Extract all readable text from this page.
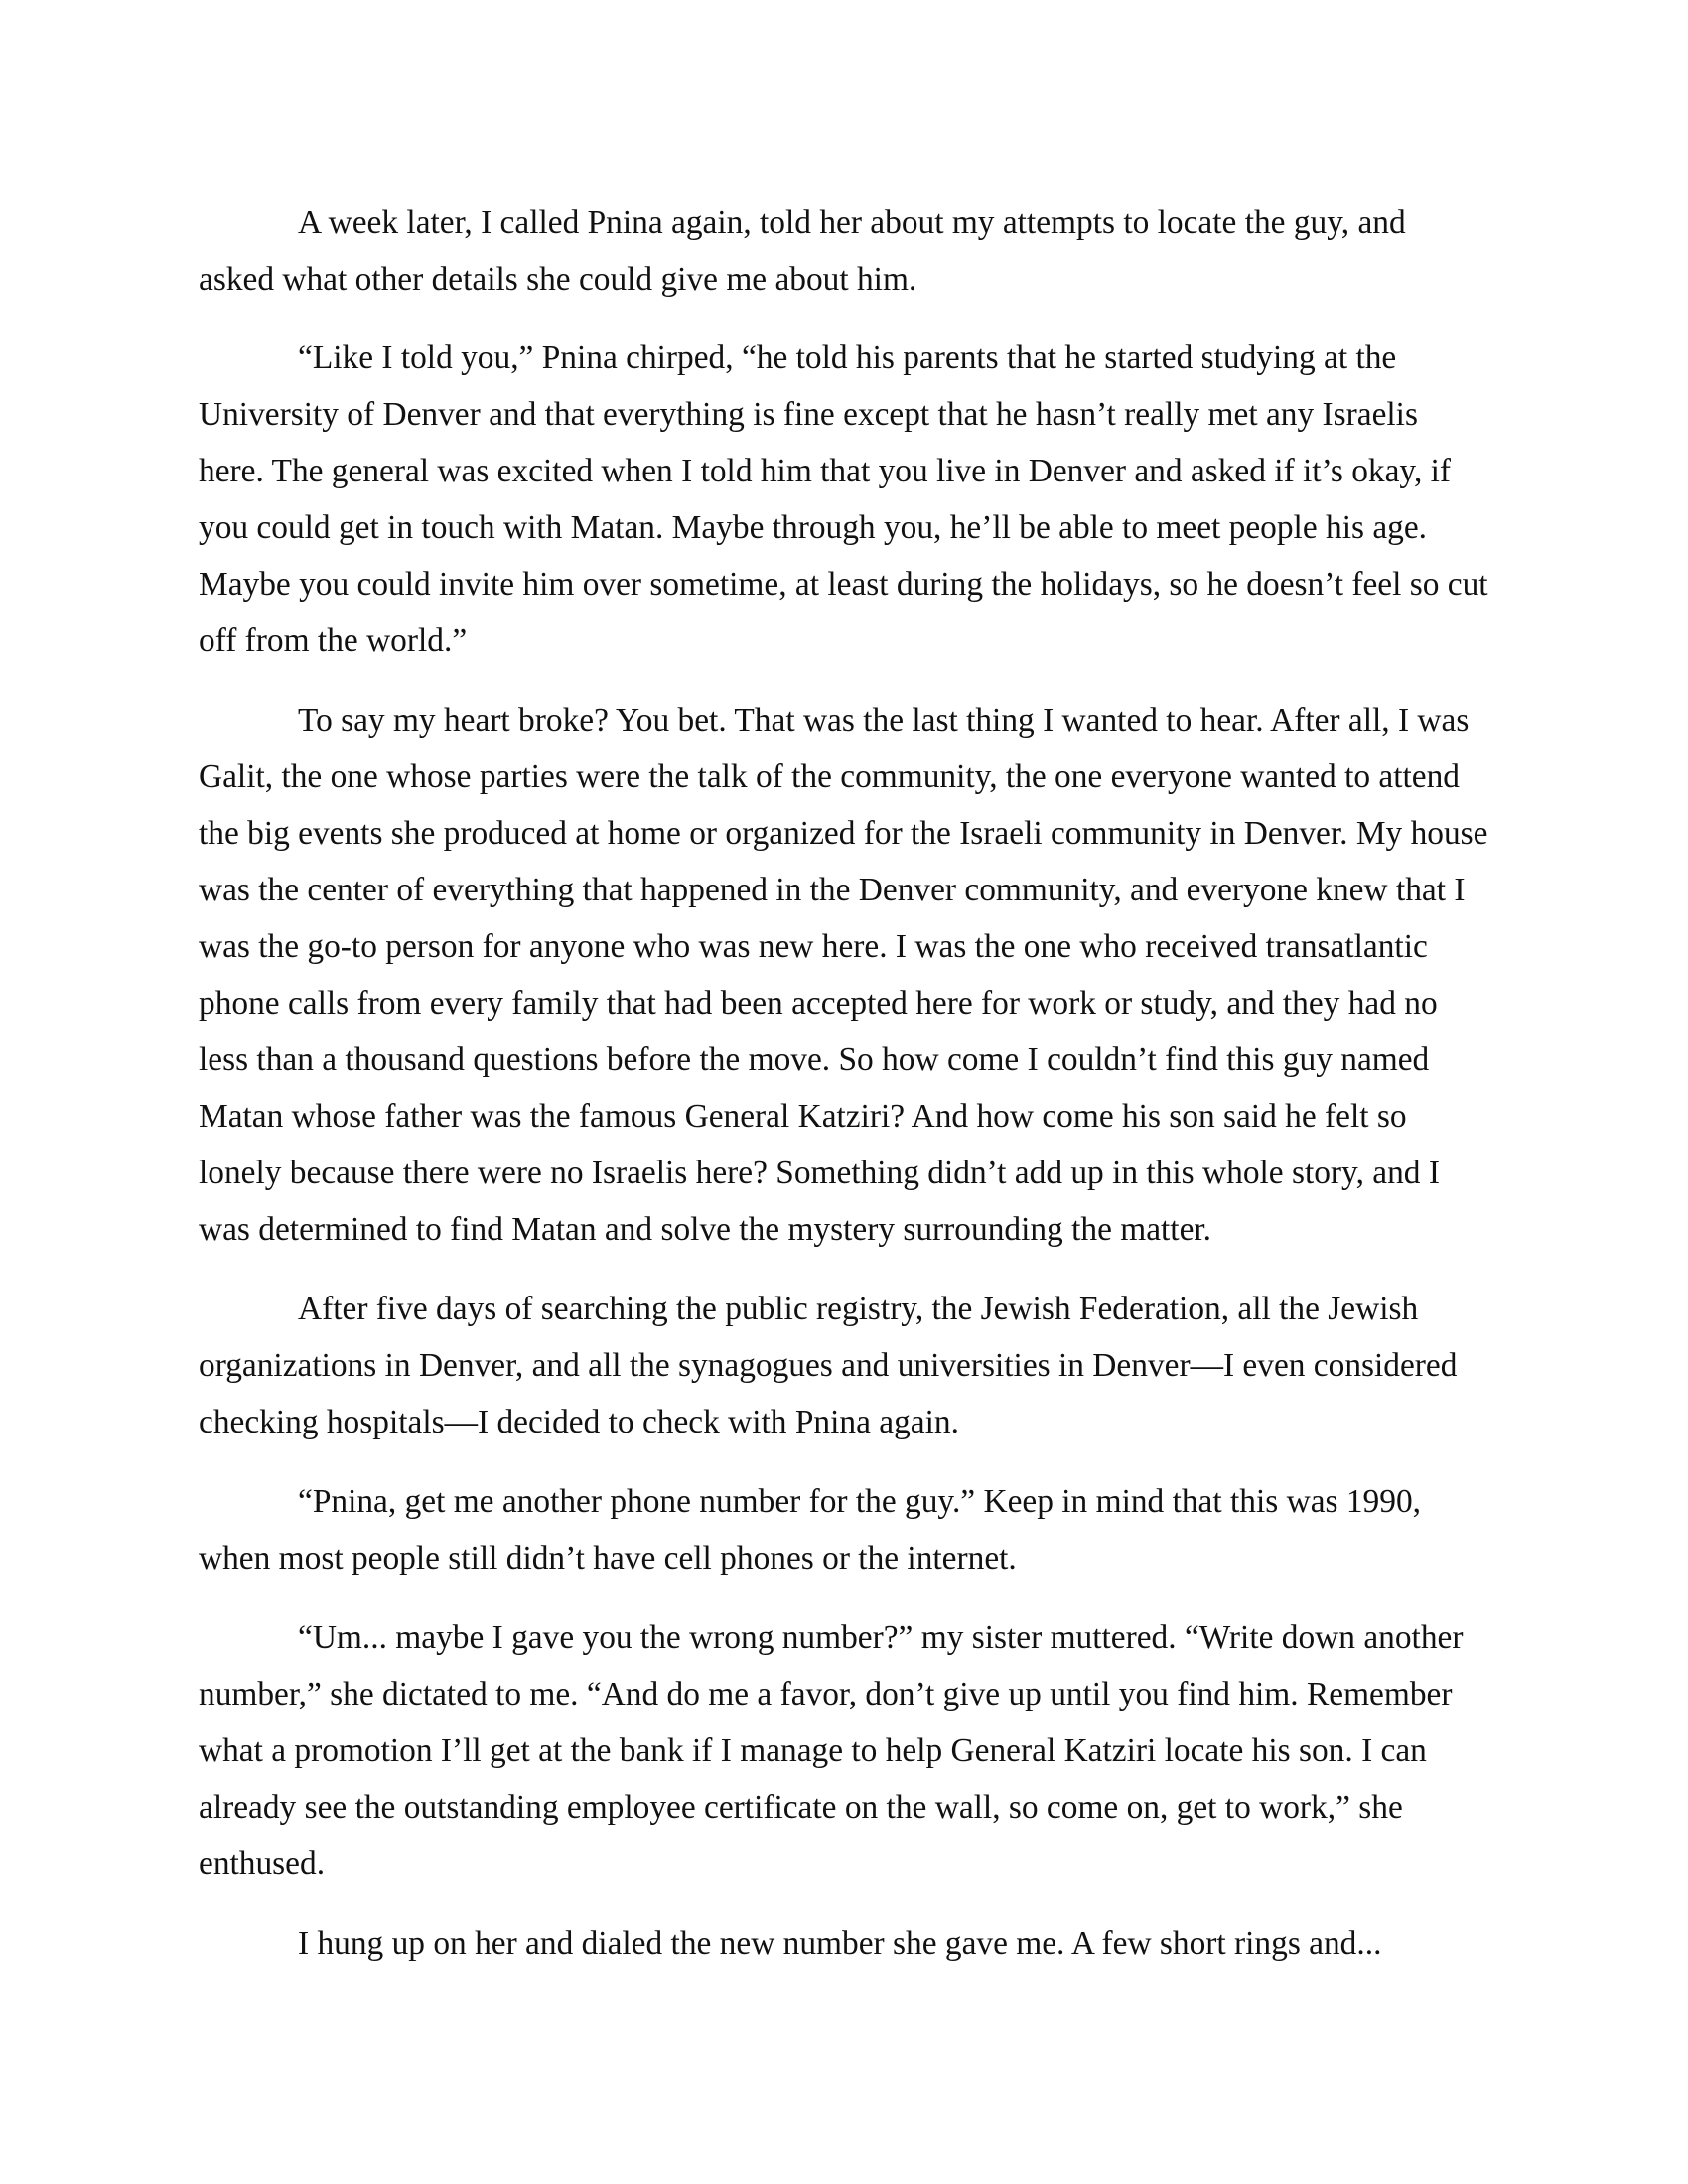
A week later, I called Pnina again, told her about my attempts to locate the guy, and
asked what other details she could give me about him.
“Like I told you,” Pnina chirped, “he told his parents that he started studying at the
University of Denver and that everything is fine except that he hasn’t really met any Israelis
here. The general was excited when I told him that you live in Denver and asked if it’s okay, if
you could get in touch with Matan. Maybe through you, he’ll be able to meet people his age.
Maybe you could invite him over sometime, at least during the holidays, so he doesn’t feel so cut
off from the world.”
To say my heart broke? You bet. That was the last thing I wanted to hear. After all, I was
Galit, the one whose parties were the talk of the community, the one everyone wanted to attend
the big events she produced at home or organized for the Israeli community in Denver. My house
was the center of everything that happened in the Denver community, and everyone knew that I
was the go-to person for anyone who was new here. I was the one who received transatlantic
phone calls from every family that had been accepted here for work or study, and they had no
less than a thousand questions before the move. So how come I couldn’t find this guy named
Matan whose father was the famous General Katziri? And how come his son said he felt so
lonely because there were no Israelis here? Something didn’t add up in this whole story, and I
was determined to find Matan and solve the mystery surrounding the matter.
After five days of searching the public registry, the Jewish Federation, all the Jewish
organizations in Denver, and all the synagogues and universities in Denver—I even considered
checking hospitals—I decided to check with Pnina again.
“Pnina, get me another phone number for the guy.” Keep in mind that this was 1990,
when most people still didn’t have cell phones or the internet.
“Um... maybe I gave you the wrong number?” my sister muttered. “Write down another
number,” she dictated to me. “And do me a favor, don’t give up until you find him. Remember
what a promotion I’ll get at the bank if I manage to help General Katziri locate his son. I can
already see the outstanding employee certificate on the wall, so come on, get to work,” she
enthused.
I hung up on her and dialed the new number she gave me. A few short rings and...
